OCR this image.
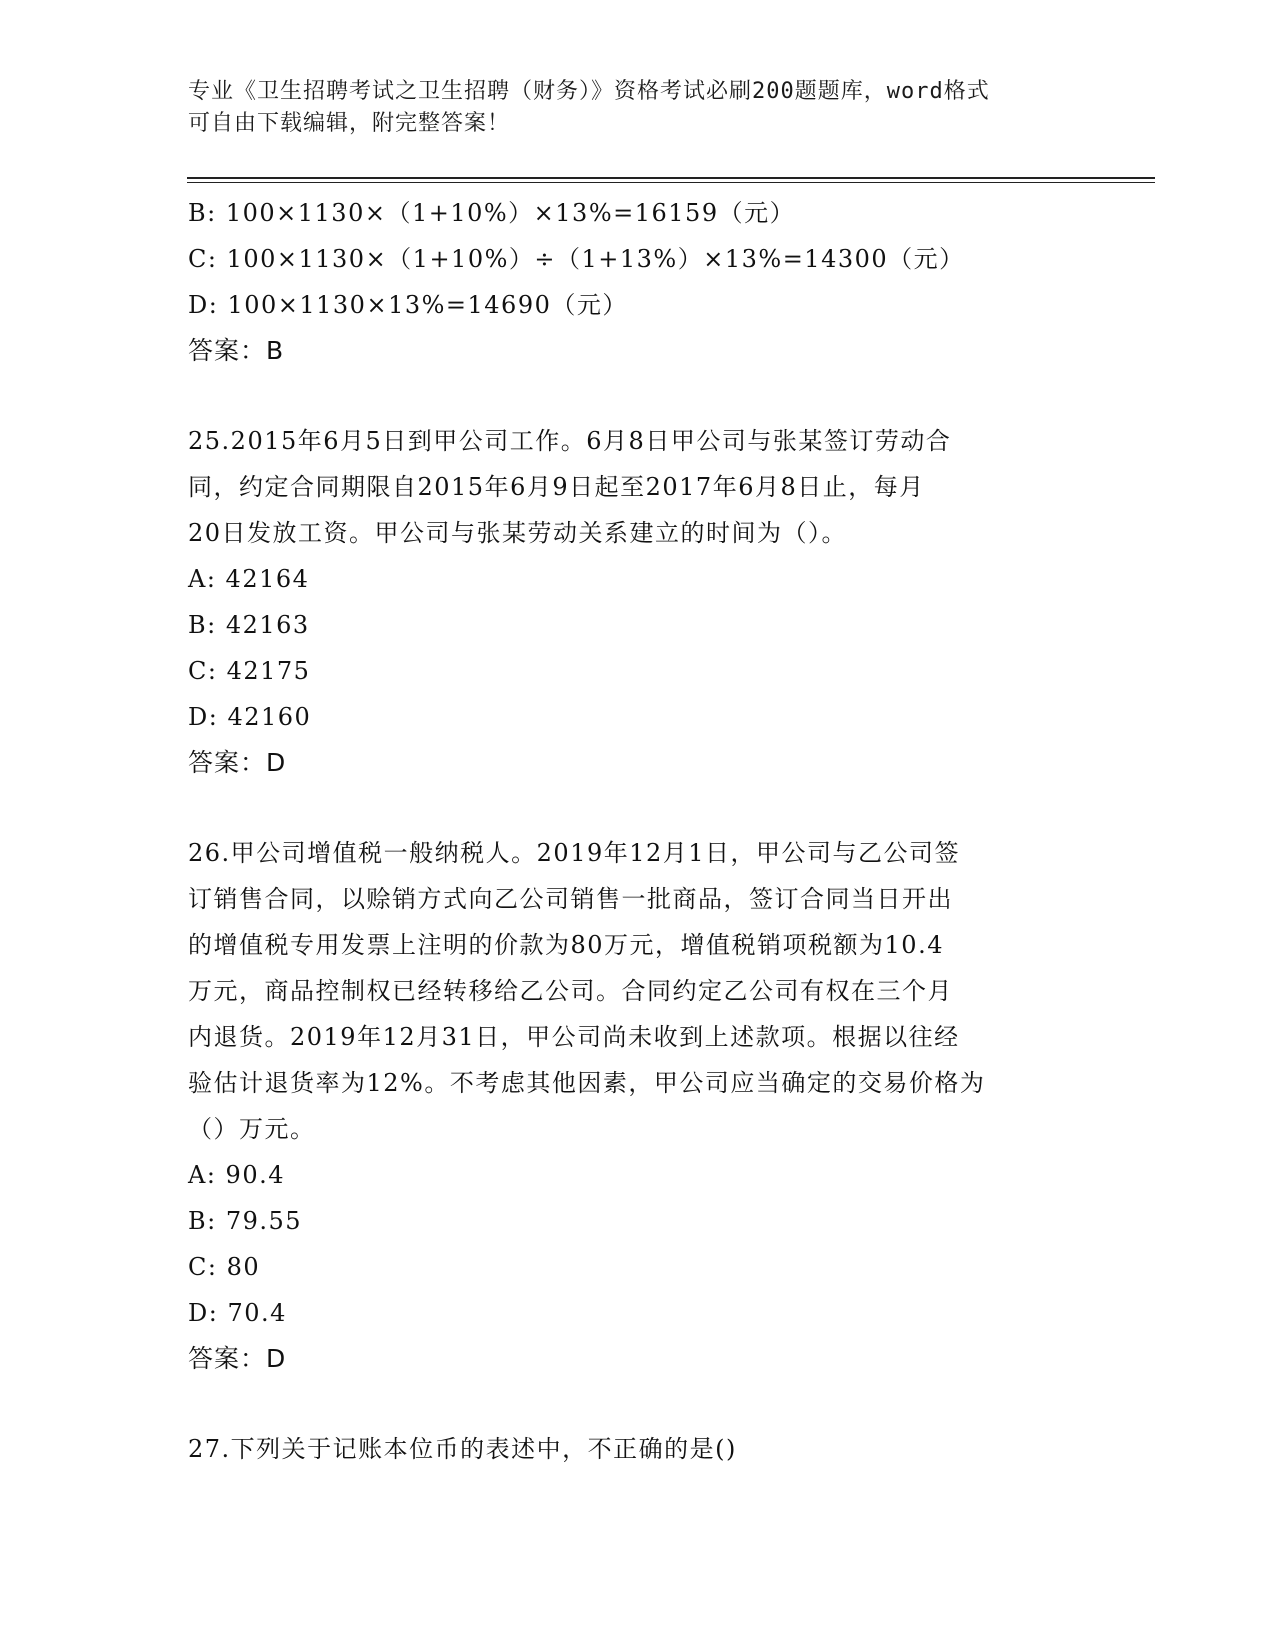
专业《卫生招聘考试之卫生招聘（财务）》资格考试必刷200题题库，word格式
可自由下载编辑，附完整答案！
B: 100×1130×（1+10%）×13%=16159（元）
C: 100×1130×（1+10%）÷（1+13%）×13%=14300（元）
D: 100×1130×13%=14690（元）
答案：B
25.2015年6月5日到甲公司工作。6月8日甲公司与张某签订劳动合
同，约定合同期限自2015年6月9日起至2017年6月8日止，每月
20日发放工资。甲公司与张某劳动关系建立的时间为（）。
A: 42164
B: 42163
C: 42175
D: 42160
答案：D
26.甲公司增值税一般纳税人。2019年12月1日，甲公司与乙公司签
订销售合同，以赊销方式向乙公司销售一批商品，签订合同当日开出
的增值税专用发票上注明的价款为80万元，增值税销项税额为10.4
万元，商品控制权已经转移给乙公司。合同约定乙公司有权在三个月
内退货。2019年12月31日，甲公司尚未收到上述款项。根据以往经
验估计退货率为12%。不考虑其他因素，甲公司应当确定的交易价格为
（）万元。
A: 90.4
B: 79.55
C: 80
D: 70.4
答案：D
27.下列关于记账本位币的表述中，不正确的是()
